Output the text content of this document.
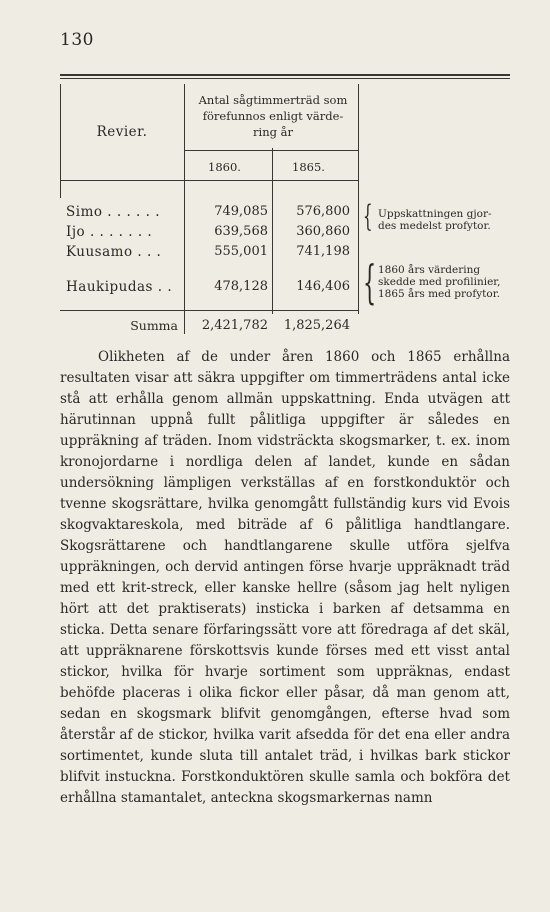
130
Antal sågtimmerträd som
förefunnos enligt värde-
ring år
Revier.
1860.	1865.
Simo . . . . . .	749,085	576,800
Ijo . . . . . . .	639,568	360,860
Kuusamo . . .	555,001	741,198
Haukipudas . .	478,128	146,406
Summa	2,421,782	1,825,264
{ Uppskattningen gjor-
des medelst profytor.
{ 1860 års värdering
skedde med profilinier,
1865 års med profytor.

Olikheten af de under åren 1860 och 1865 erhållna resultaten visar att säkra uppgifter om timmerträdens antal icke stå att erhålla genom allmän uppskattning. Enda utvägen att härutinnan uppnå fullt pålitliga uppgifter är således en uppräkning af träden. Inom vidsträckta skogsmarker, t. ex. inom kronojordarne i nordliga delen af landet, kunde en sådan undersökning lämpligen verkställas af en forstkonduktör och tvenne skogsrättare, hvilka genomgått fullständig kurs vid Evois skogvaktareskola, med biträde af 6 pålitliga handtlangare. Skogsrättarene och handtlangarene skulle utföra sjelfva uppräkningen, och dervid antingen förse hvarje uppräknadt träd med ett krit-streck, eller kanske hellre (såsom jag helt nyligen hört att det praktiserats) insticka i barken af detsamma en sticka. Detta senare förfaringssätt vore att föredraga af det skäl, att uppräknarene förskottsvis kunde förses med ett visst antal stickor, hvilka för hvarje sortiment som uppräknas, endast behöfde placeras i olika fickor eller påsar, då man genom att, sedan en skogsmark blifvit genomgången, efterse hvad som återstår af de stickor, hvilka varit afsedda för det ena eller andra sortimentet, kunde sluta till antalet träd, i hvilkas bark stickor blifvit instuckna. Forstkonduktören skulle samla och bokföra det erhållna stamantalet, anteckna skogsmarkernas namn
